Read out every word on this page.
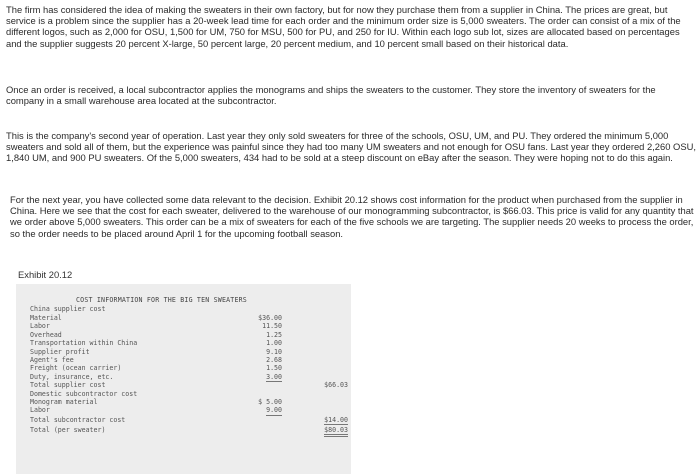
The firm has considered the idea of making the sweaters in their own factory, but for now they purchase them from a supplier in China. The prices are great, but service is a problem since the supplier has a 20-week lead time for each order and the minimum order size is 5,000 sweaters. The order can consist of a mix of the different logos, such as 2,000 for OSU, 1,500 for UM, 750 for MSU, 500 for PU, and 250 for IU. Within each logo sub lot, sizes are allocated based on percentages and the supplier suggests 20 percent X-large, 50 percent large, 20 percent medium, and 10 percent small based on their historical data.

Once an order is received, a local subcontractor applies the monograms and ships the sweaters to the customer. They store the inventory of sweaters for the company in a small warehouse area located at the subcontractor.

This is the company's second year of operation. Last year they only sold sweaters for three of the schools, OSU, UM, and PU. They ordered the minimum 5,000 sweaters and sold all of them, but the experience was painful since they had too many UM sweaters and not enough for OSU fans. Last year they ordered 2,260 OSU, 1,840 UM, and 900 PU sweaters. Of the 5,000 sweaters, 434 had to be sold at a steep discount on eBay after the season. They were hoping not to do this again.

For the next year, you have collected some data relevant to the decision. Exhibit 20.12 shows cost information for the product when purchased from the supplier in China. Here we see that the cost for each sweater, delivered to the warehouse of our monogramming subcontractor, is $66.03. This price is valid for any quantity that we order above 5,000 sweaters. This order can be a mix of sweaters for each of the five schools we are targeting. The supplier needs 20 weeks to process the order, so the order needs to be placed around April 1 for the upcoming football season.

Exhibit 20.12
COST INFORMATION FOR THE BIG TEN SWEATERS
China supplier cost
Material	$36.00
Labor	11.50
Overhead	1.25
Transportation within China	1.00
Supplier profit	9.10
Agent's fee	2.68
Freight (ocean carrier)	1.50
Duty, insurance, etc.	3.00
Total supplier cost	$66.03
Domestic subcontractor cost
Monogram material	$ 5.00
Labor	9.00
Total subcontractor cost	$14.00
Total (per sweater)	$80.03
